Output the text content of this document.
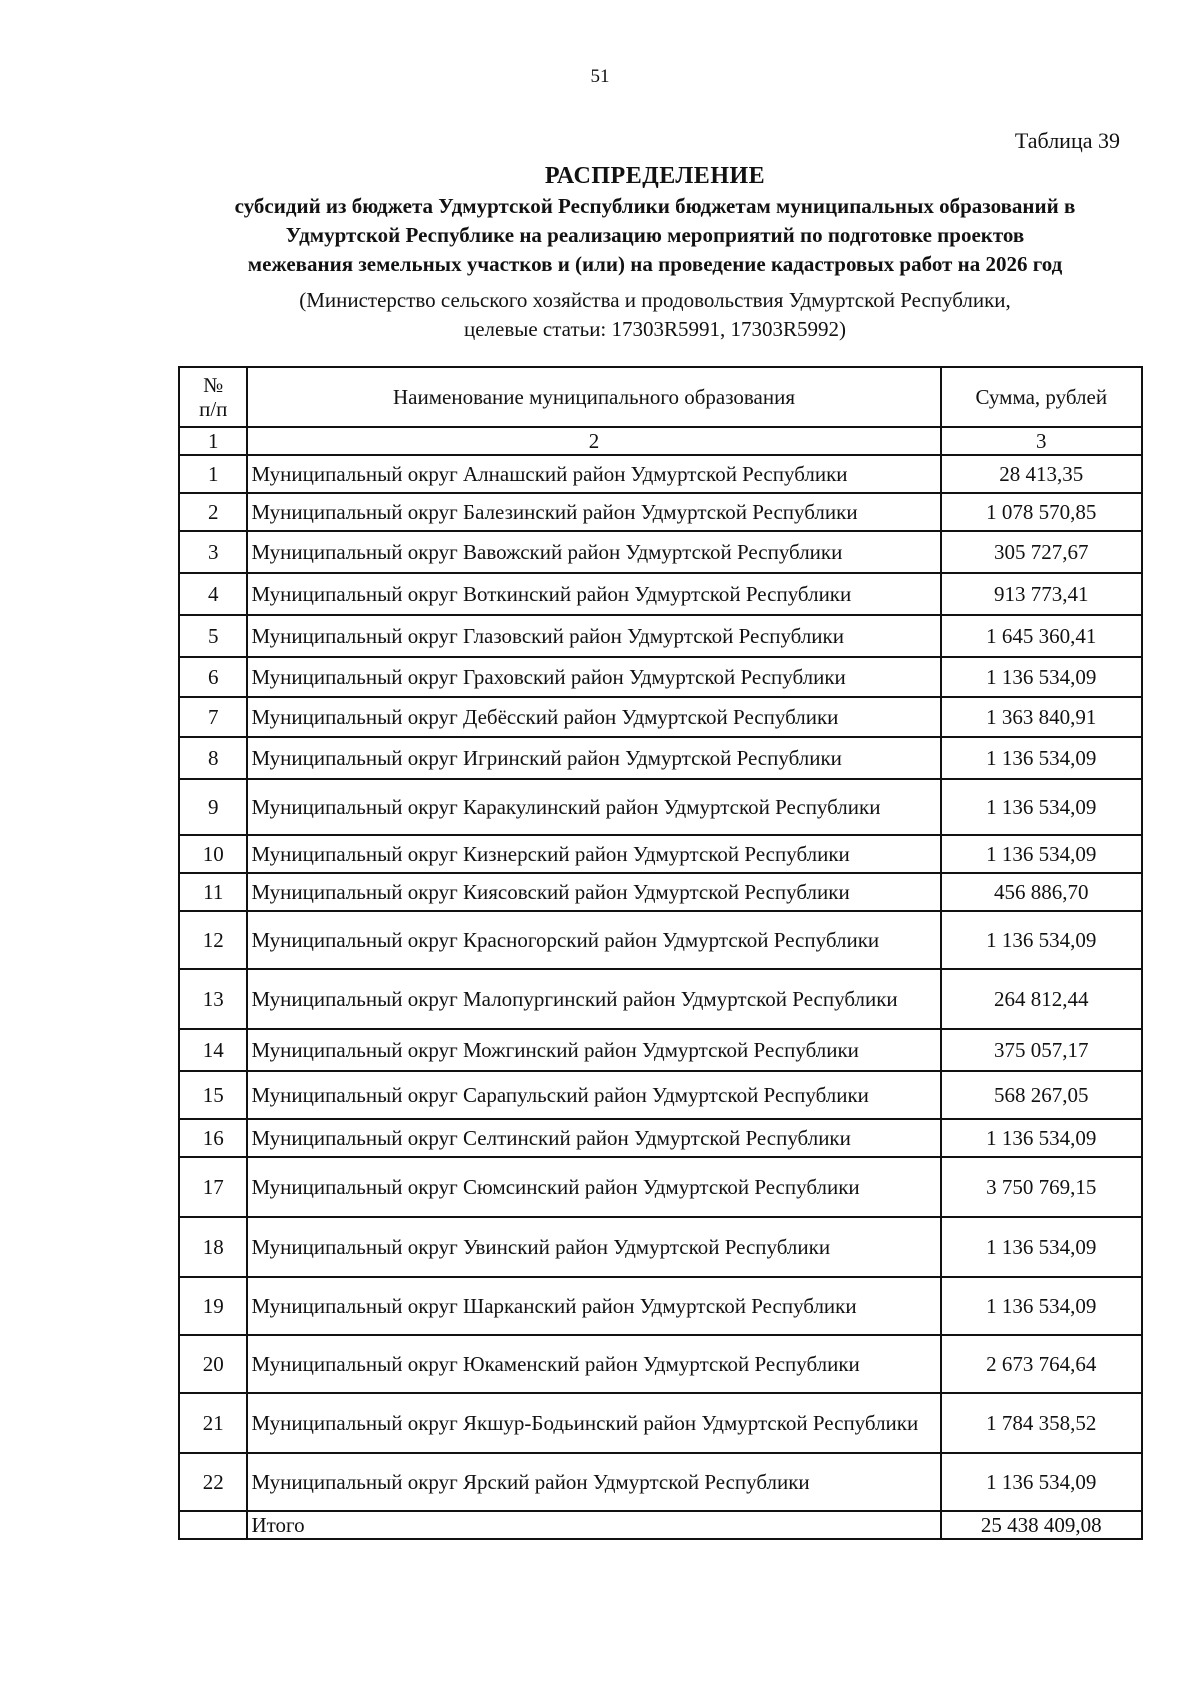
51
Таблица 39
РАСПРЕДЕЛЕНИЕ
субсидий из бюджета Удмуртской Республики бюджетам муниципальных образований в
Удмуртской Республике на реализацию мероприятий по подготовке проектов
межевания земельных участков и (или) на проведение кадастровых работ на 2026 год
(Министерство сельского хозяйства и продовольствия Удмуртской Республики,
целевые статьи: 17303R5991, 17303R5992)
№
п/п	Наименование муниципального образования	Сумма, рублей
1	2	3
1	Муниципальный округ Алнашский район Удмуртской Республики	28 413,35
2	Муниципальный округ Балезинский район Удмуртской Республики	1 078 570,85
3	Муниципальный округ Вавожский район Удмуртской Республики	305 727,67
4	Муниципальный округ Воткинский район Удмуртской Республики	913 773,41
5	Муниципальный округ Глазовский район Удмуртской Республики	1 645 360,41
6	Муниципальный округ Граховский район Удмуртской Республики	1 136 534,09
7	Муниципальный округ Дебёсский район Удмуртской Республики	1 363 840,91
8	Муниципальный округ Игринский район Удмуртской Республики	1 136 534,09
9	Муниципальный округ Каракулинский район Удмуртской Республики	1 136 534,09
10	Муниципальный округ Кизнерский район Удмуртской Республики	1 136 534,09
11	Муниципальный округ Киясовский район Удмуртской Республики	456 886,70
12	Муниципальный округ Красногорский район Удмуртской Республики	1 136 534,09
13	Муниципальный округ Малопургинский район Удмуртской Республики	264 812,44
14	Муниципальный округ Можгинский район Удмуртской Республики	375 057,17
15	Муниципальный округ Сарапульский район Удмуртской Республики	568 267,05
16	Муниципальный округ Селтинский район Удмуртской Республики	1 136 534,09
17	Муниципальный округ Сюмсинский район Удмуртской Республики	3 750 769,15
18	Муниципальный округ Увинский район Удмуртской Республики	1 136 534,09
19	Муниципальный округ Шарканский район Удмуртской Республики	1 136 534,09
20	Муниципальный округ Юкаменский район Удмуртской Республики	2 673 764,64
21	Муниципальный округ Якшур-Бодьинский район Удмуртской Республики	1 784 358,52
22	Муниципальный округ Ярский район Удмуртской Республики	1 136 534,09
	Итого	25 438 409,08
